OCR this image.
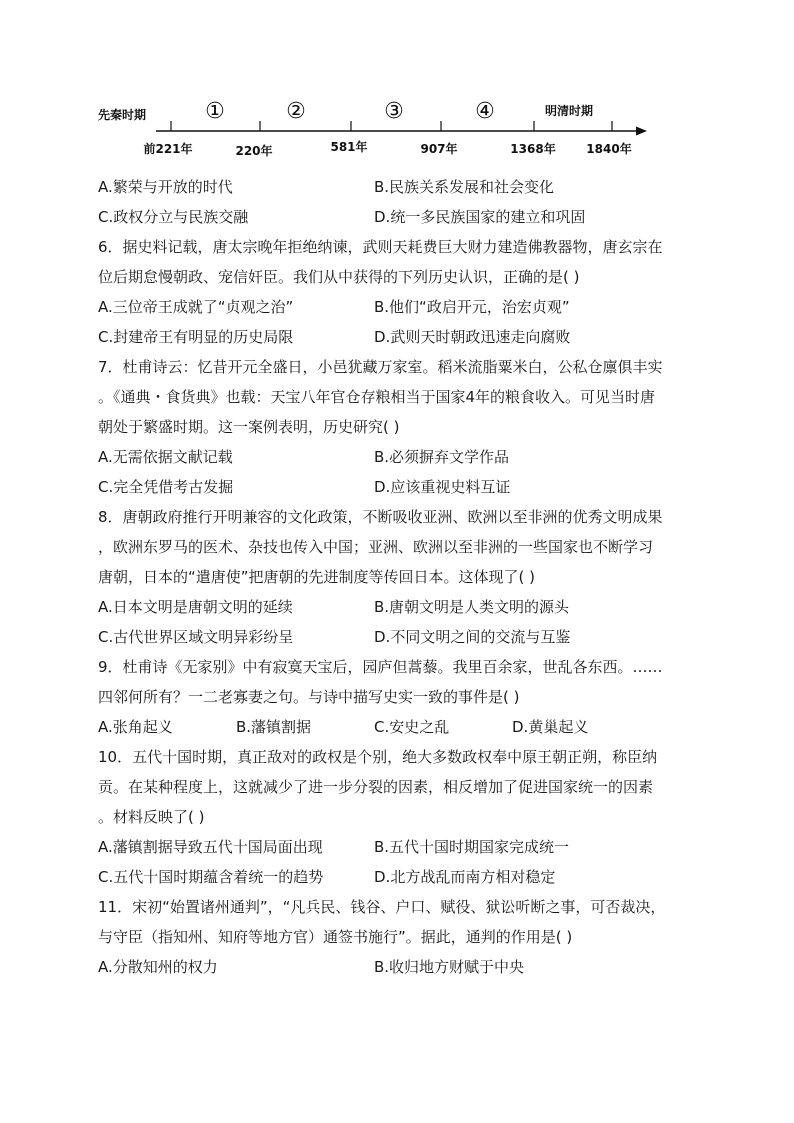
先秦时期	①	②	③	④	明清时期
前221年	220年	581年	907年	1368年	1840年
A.繁荣与开放的时代	B.民族关系发展和社会变化
C.政权分立与民族交融	D.统一多民族国家的建立和巩固
6．据史料记载，唐太宗晚年拒绝纳谏，武则天耗费巨大财力建造佛教器物，唐玄宗在
位后期怠慢朝政、宠信奸臣。我们从中获得的下列历史认识，正确的是( )
A.三位帝王成就了“贞观之治”	B.他们“政启开元，治宏贞观”
C.封建帝王有明显的历史局限	D.武则天时朝政迅速走向腐败
7．杜甫诗云：忆昔开元全盛日，小邑犹藏万家室。稻米流脂粟米白，公私仓廪俱丰实
。《通典・食货典》也载：天宝八年官仓存粮相当于国家4年的粮食收入。可见当时唐
朝处于繁盛时期。这一案例表明，历史研究( )
A.无需依据文献记载	B.必须摒弃文学作品
C.完全凭借考古发掘	D.应该重视史料互证
8．唐朝政府推行开明兼容的文化政策，不断吸收亚洲、欧洲以至非洲的优秀文明成果
，欧洲东罗马的医术、杂技也传入中国；亚洲、欧洲以至非洲的一些国家也不断学习
唐朝，日本的“遣唐使”把唐朝的先进制度等传回日本。这体现了( )
A.日本文明是唐朝文明的延续	B.唐朝文明是人类文明的源头
C.古代世界区域文明异彩纷呈	D.不同文明之间的交流与互鉴
9．杜甫诗《无家别》中有寂寞天宝后，园庐但蒿藜。我里百余家，世乱各东西。……
四邻何所有？一二老寡妻之句。与诗中描写史实一致的事件是( )
A.张角起义	B.藩镇割据	C.安史之乱	D.黄巢起义
10．五代十国时期，真正敌对的政权是个别，绝大多数政权奉中原王朝正朔，称臣纳
贡。在某种程度上，这就减少了进一步分裂的因素，相反增加了促进国家统一的因素
。材料反映了( )
A.藩镇割据导致五代十国局面出现	B.五代十国时期国家完成统一
C.五代十国时期蕴含着统一的趋势	D.北方战乱而南方相对稳定
11．宋初“始置诸州通判”，“凡兵民、钱谷、户口、赋役、狱讼听断之事，可否裁决，
与守臣（指知州、知府等地方官）通签书施行”。据此，通判的作用是( )
A.分散知州的权力	B.收归地方财赋于中央
